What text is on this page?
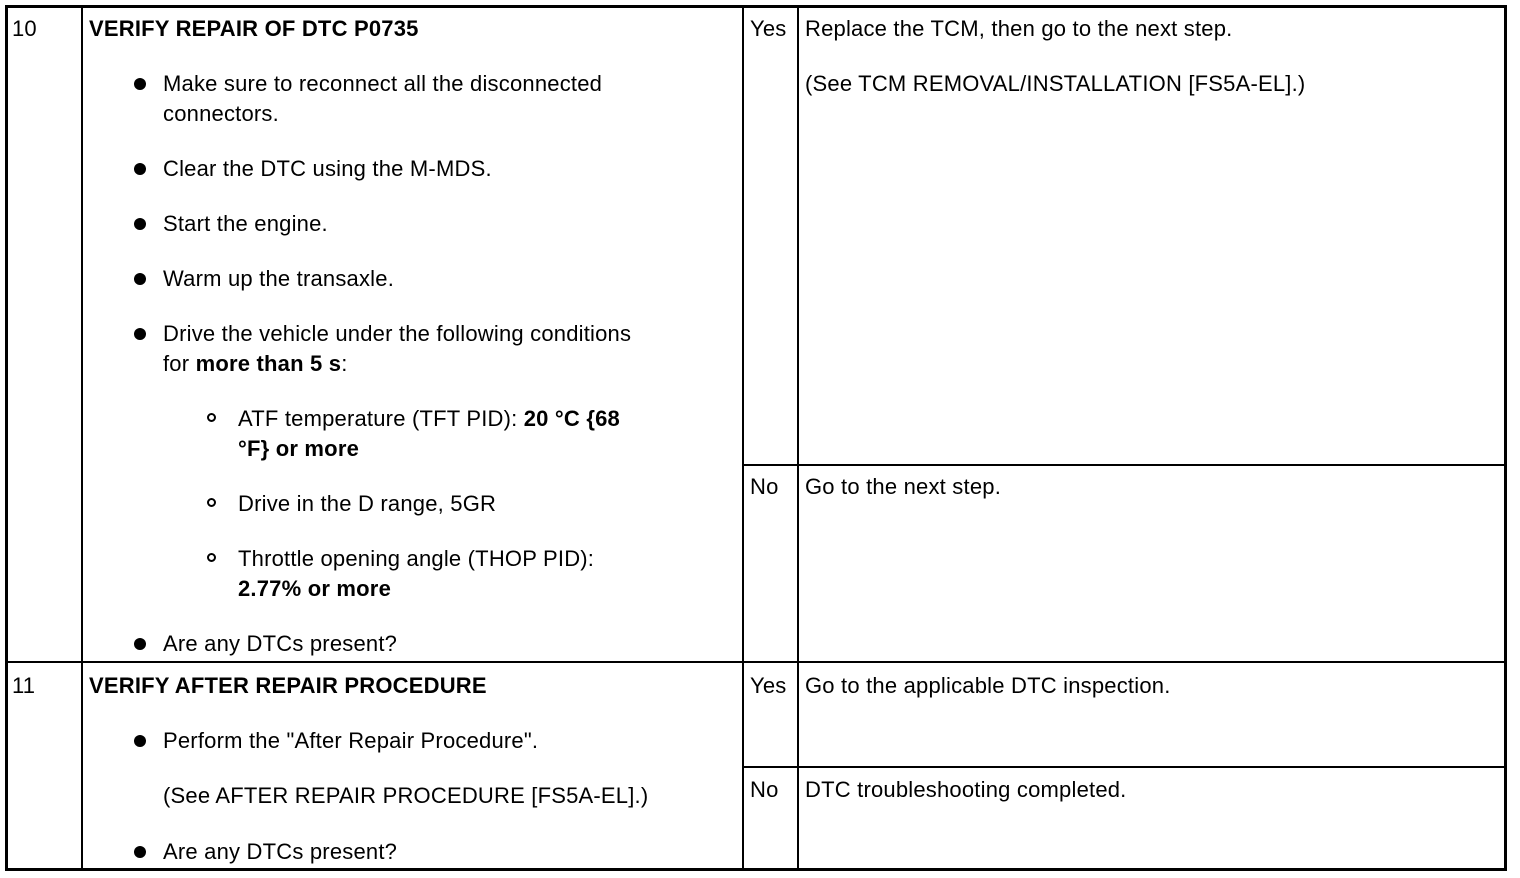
10 VERIFY REPAIR OF DTC P0735
Make sure to reconnect all the disconnected
connectors.
Clear the DTC using the M-MDS.
Start the engine.
Warm up the transaxle.
Drive the vehicle under the following conditions
for more than 5 s:
ATF temperature (TFT PID): 20 °C {68
°F} or more
Drive in the D range, 5GR
Throttle opening angle (THOP PID):
2.77% or more
Are any DTCs present?
Yes Replace the TCM, then go to the next step.
(See TCM REMOVAL/INSTALLATION [FS5A-EL].)
No Go to the next step.
11 VERIFY AFTER REPAIR PROCEDURE
Perform the "After Repair Procedure".
(See AFTER REPAIR PROCEDURE [FS5A-EL].)
Are any DTCs present?
Yes Go to the applicable DTC inspection.
No DTC troubleshooting completed.
